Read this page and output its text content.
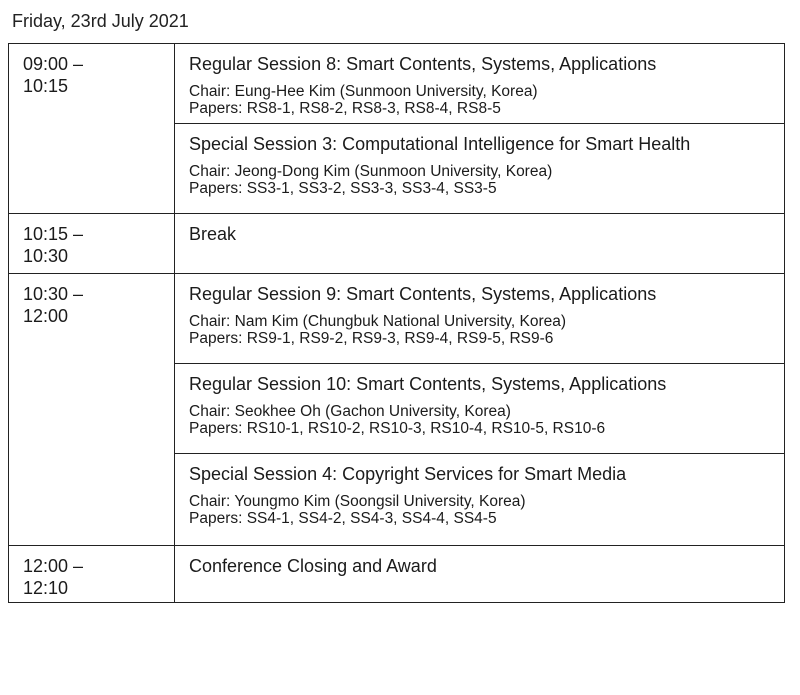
Friday, 23rd July 2021
09:00 –
10:15	Regular Session 8: Smart Contents, Systems, Applications
Chair: Eung-Hee Kim (Sunmoon University, Korea)
Papers: RS8-1, RS8-2, RS8-3, RS8-4, RS8-5

	Special Session 3: Computational Intelligence for Smart Health
Chair: Jeong-Dong Kim (Sunmoon University, Korea)
Papers: SS3-1, SS3-2, SS3-3, SS3-4, SS3-5

10:15 –
10:30	Break

10:30 –
12:00	Regular Session 9: Smart Contents, Systems, Applications
Chair: Nam Kim (Chungbuk National University, Korea)
Papers: RS9-1, RS9-2, RS9-3, RS9-4, RS9-5, RS9-6

	Regular Session 10: Smart Contents, Systems, Applications
Chair: Seokhee Oh (Gachon University, Korea)
Papers: RS10-1, RS10-2, RS10-3, RS10-4, RS10-5, RS10-6

	Special Session 4: Copyright Services for Smart Media
Chair: Youngmo Kim (Soongsil University, Korea)
Papers: SS4-1, SS4-2, SS4-3, SS4-4, SS4-5

12:00 –
12:10	Conference Closing and Award
